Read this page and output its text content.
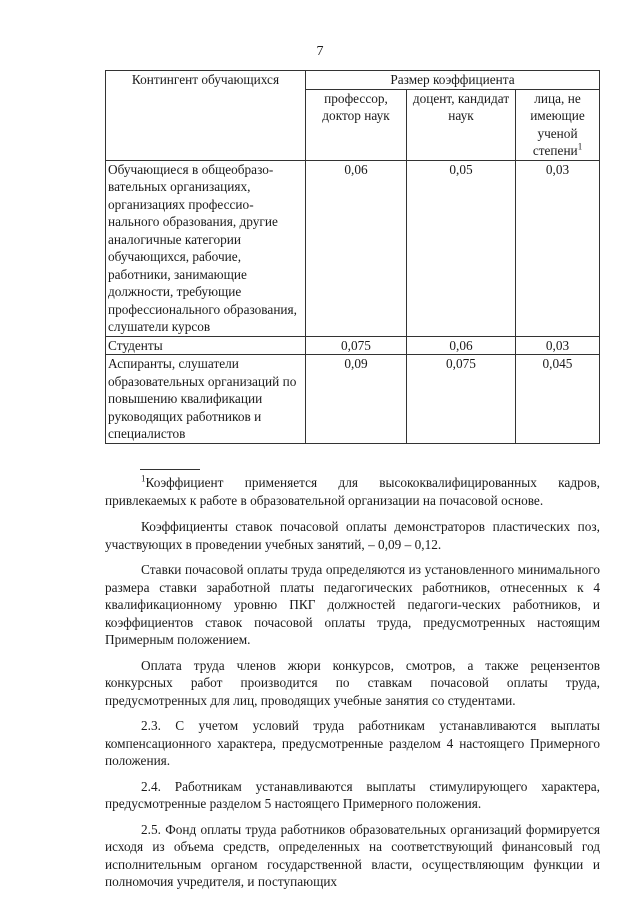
7
Контингент обучающихся	Размер коэффициента		
	профессор, доктор наук	доцент, кандидат наук	лица, не имеющие ученой степени$^1$
Обучающиеся в общеобразо-вательных организациях, организациях профессио-нального образования, другие аналогичные категории обучающихся, рабочие, работники, занимающие должности, требующие профессионального образования, слушатели курсов	0,06	0,05	0,03
Студенты	0,075	0,06	0,03
Аспиранты, слушатели образовательных организаций по повышению квалификации руководящих работников и специалистов	0,09	0,075	0,045

$^1$Коэффициент применяется для высококвалифицированных кадров, привлекаемых к работе в образовательной организации на почасовой основе.

Коэффициенты ставок почасовой оплаты демонстраторов пластических поз, участвующих в проведении учебных занятий, – 0,09 – 0,12.

Ставки почасовой оплаты труда определяются из установленного минимального размера ставки заработной платы педагогических работников, отнесенных к 4 квалификационному уровню ПКГ должностей педагоги-ческих работников, и коэффициентов ставок почасовой оплаты труда, предусмотренных настоящим Примерным положением.

Оплата труда членов жюри конкурсов, смотров, а также рецензентов конкурсных работ производится по ставкам почасовой оплаты труда, предусмотренных для лиц, проводящих учебные занятия со студентами.

2.3. С учетом условий труда работникам устанавливаются выплаты компенсационного характера, предусмотренные разделом 4 настоящего Примерного положения.

2.4. Работникам устанавливаются выплаты стимулирующего характера, предусмотренные разделом 5 настоящего Примерного положения.

2.5. Фонд оплаты труда работников образовательных организаций формируется исходя из объема средств, определенных на соответствующий финансовый год исполнительным органом государственной власти, осуществляющим функции и полномочия учредителя, и поступающих
